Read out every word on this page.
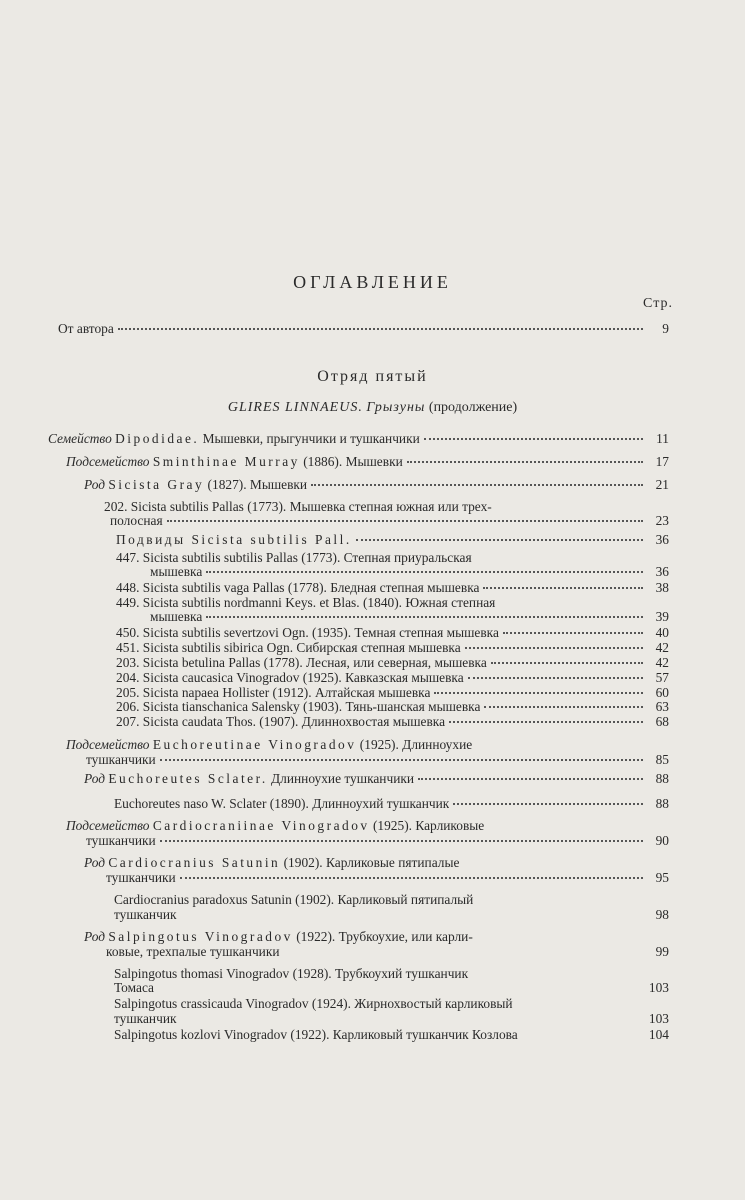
ОГЛАВЛЕНИЕ
Стр.
От автора	9
Отряд пятый
GLIRES LINNAEUS. Грызуны (продолжение)
Семейство Dipodidae. Мышевки, прыгунчики и тушканчики	11
Подсемейство Sminthinae Murray (1886). Мышевки	17
Род Sicista Gray (1827). Мышевки	21
202. Sicista subtilis Pallas (1773). Мышевка степная южная или трех-
полосная	23
Подвиды Sicista subtilis Pall.	36
447. Sicista subtilis subtilis Pallas (1773). Степная приуральская
мышевка	36
448. Sicista subtilis vaga Pallas (1778). Бледная степная мышевка	38
449. Sicista subtilis nordmanni Keys. et Blas. (1840). Южная степная
мышевка	39
450. Sicista subtilis severtzovi Ogn. (1935). Темная степная мышевка	40
451. Sicista subtilis sibirica Ogn. Сибирская степная мышевка	42
203. Sicista betulina Pallas (1778). Лесная, или северная, мышевка	42
204. Sicista caucasica Vinogradov (1925). Кавказская мышевка	57
205. Sicista napaea Hollister (1912). Алтайская мышевка	60
206. Sicista tianschanica Salensky (1903). Тянь-шанская мышевка	63
207. Sicista caudata Thos. (1907). Длиннохвостая мышевка	68
Подсемейство Euchoreutinae Vinogradov (1925). Длинноухие
тушканчики	85
Род Euchoreutes Sclater. Длинноухие тушканчики	88
Euchoreutes naso W. Sclater (1890). Длинноухий тушканчик	88
Подсемейство Cardiocraniinae Vinogradov (1925). Карликовые
тушканчики	90
Род Cardiocranius Satunin (1902). Карликовые пятипалые
тушканчики	95
Cardiocranius paradoxus Satunin (1902). Карликовый пятипалый
тушканчик	98
Род Salpingotus Vinogradov (1922). Трубкоухие, или карли-
ковые, трехпалые тушканчики	99
Salpingotus thomasi Vinogradov (1928). Трубкоухий тушканчик
Томаса	103
Salpingotus crassicauda Vinogradov (1924). Жирнохвостый карликовый
тушканчик	103
Salpingotus kozlovi Vinogradov (1922). Карликовый тушканчик Козлова	104
